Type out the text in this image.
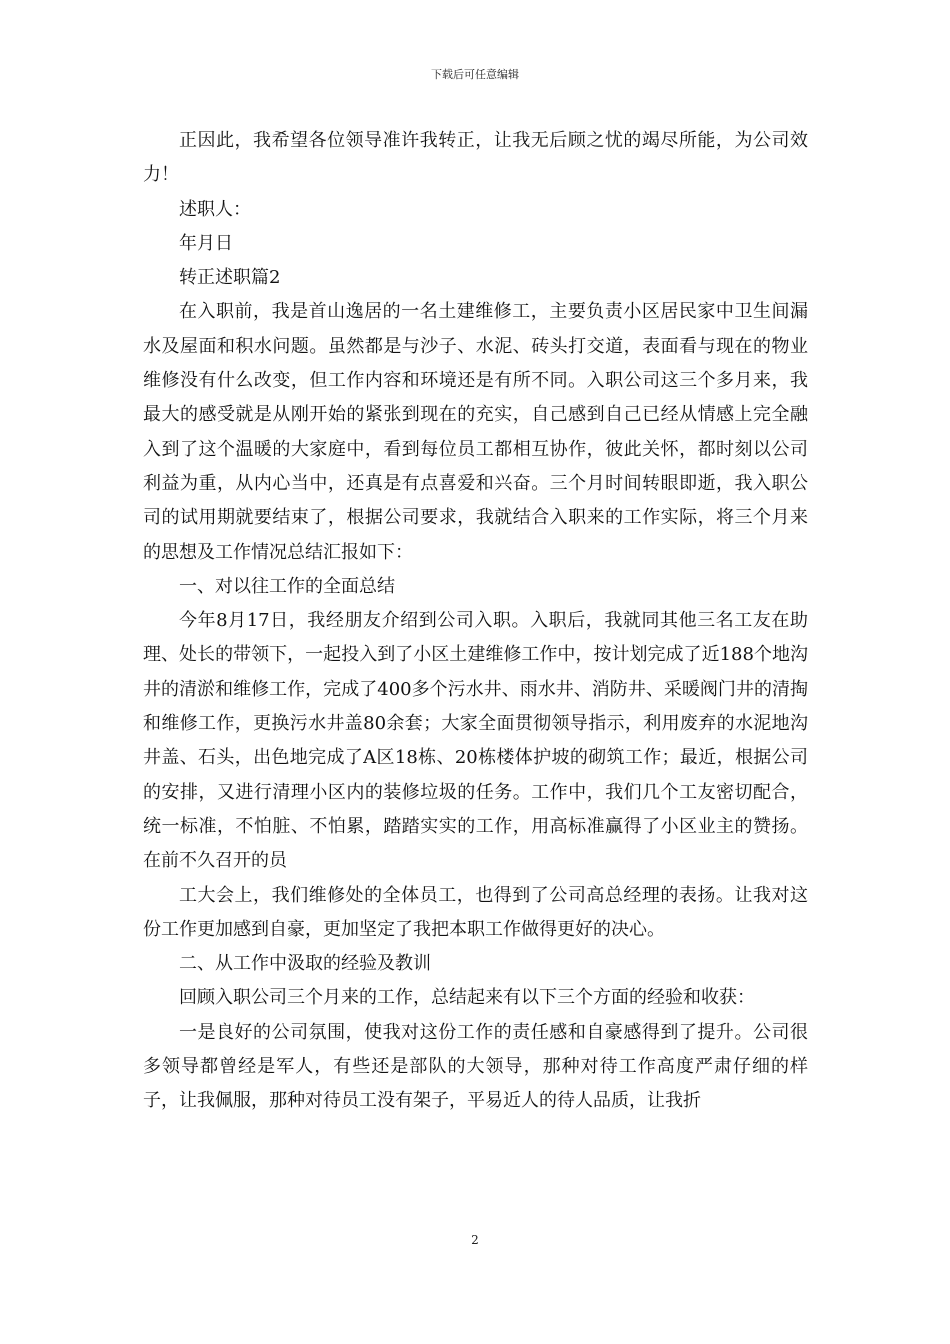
下载后可任意编辑

正因此，我希望各位领导准许我转正，让我无后顾之忧的竭尽所能，为公司效力！

述职人：

年月日

转正述职篇2

在入职前，我是首山逸居的一名土建维修工，主要负责小区居民家中卫生间漏水及屋面和积水问题。虽然都是与沙子、水泥、砖头打交道，表面看与现在的物业维修没有什么改变，但工作内容和环境还是有所不同。入职公司这三个多月来，我最大的感受就是从刚开始的紧张到现在的充实，自己感到自己已经从情感上完全融入到了这个温暖的大家庭中，看到每位员工都相互协作，彼此关怀，都时刻以公司利益为重，从内心当中，还真是有点喜爱和兴奋。三个月时间转眼即逝，我入职公司的试用期就要结束了，根据公司要求，我就结合入职来的工作实际，将三个月来的思想及工作情况总结汇报如下：

一、对以往工作的全面总结

今年8月17日，我经朋友介绍到公司入职。入职后，我就同其他三名工友在助理、处长的带领下，一起投入到了小区土建维修工作中，按计划完成了近188个地沟井的清淤和维修工作，完成了400多个污水井、雨水井、消防井、采暖阀门井的清掏和维修工作，更换污水井盖80余套；大家全面贯彻领导指示，利用废弃的水泥地沟井盖、石头，出色地完成了A区18栋、20栋楼体护坡的砌筑工作；最近，根据公司的安排，又进行清理小区内的装修垃圾的任务。工作中，我们几个工友密切配合，统一标准，不怕脏、不怕累，踏踏实实的工作，用高标准赢得了小区业主的赞扬。在前不久召开的员

工大会上，我们维修处的全体员工，也得到了公司高总经理的表扬。让我对这份工作更加感到自豪，更加坚定了我把本职工作做得更好的决心。

二、从工作中汲取的经验及教训

回顾入职公司三个月来的工作，总结起来有以下三个方面的经验和收获：

一是良好的公司氛围，使我对这份工作的责任感和自豪感得到了提升。公司很多领导都曾经是军人，有些还是部队的大领导，那种对待工作高度严肃仔细的样子，让我佩服，那种对待员工没有架子，平易近人的待人品质，让我折

2
